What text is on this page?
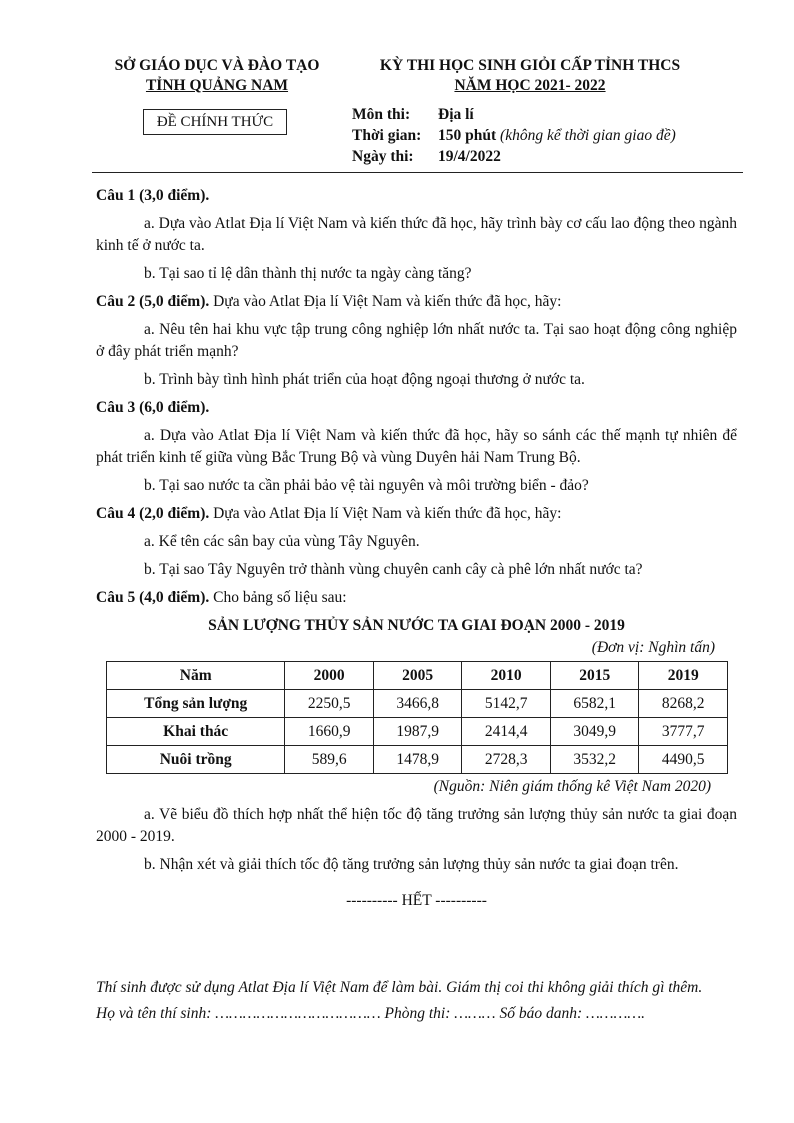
SỞ GIÁO DỤC VÀ ĐÀO TẠO
TỈNH QUẢNG NAM
ĐỀ CHÍNH THỨC
KỲ THI HỌC SINH GIỎI CẤP TỈNH THCS
NĂM HỌC 2021- 2022
Môn thi:	Địa lí
Thời gian:	150 phút (không kể thời gian giao đề)
Ngày thi:	19/4/2022

Câu 1 (3,0 điểm).

a. Dựa vào Atlat Địa lí Việt Nam và kiến thức đã học, hãy trình bày cơ cấu lao động theo ngành kinh tế ở nước ta.

b. Tại sao tỉ lệ dân thành thị nước ta ngày càng tăng?

Câu 2 (5,0 điểm). Dựa vào Atlat Địa lí Việt Nam và kiến thức đã học, hãy:

a. Nêu tên hai khu vực tập trung công nghiệp lớn nhất nước ta. Tại sao hoạt động công nghiệp ở đây phát triển mạnh?

b. Trình bày tình hình phát triển của hoạt động ngoại thương ở nước ta.

Câu 3 (6,0 điểm).

a. Dựa vào Atlat Địa lí Việt Nam và kiến thức đã học, hãy so sánh các thế mạnh tự nhiên để phát triển kinh tế giữa vùng Bắc Trung Bộ và vùng Duyên hải Nam Trung Bộ.

b. Tại sao nước ta cần phải bảo vệ tài nguyên và môi trường biển - đảo?

Câu 4 (2,0 điểm). Dựa vào Atlat Địa lí Việt Nam và kiến thức đã học, hãy:

a. Kể tên các sân bay của vùng Tây Nguyên.

b. Tại sao Tây Nguyên trở thành vùng chuyên canh cây cà phê lớn nhất nước ta?

Câu 5 (4,0 điểm). Cho bảng số liệu sau:

SẢN LƯỢNG THỦY SẢN NƯỚC TA GIAI ĐOẠN 2000 - 2019
(Đơn vị: Nghìn tấn)
Năm	2000	2005	2010	2015	2019
Tổng sản lượng	2250,5	3466,8	5142,7	6582,1	8268,2
Khai thác	1660,9	1987,9	2414,4	3049,9	3777,7
Nuôi trồng	589,6	1478,9	2728,3	3532,2	4490,5
(Nguồn: Niên giám thống kê Việt Nam 2020)

a. Vẽ biểu đồ thích hợp nhất thể hiện tốc độ tăng trưởng sản lượng thủy sản nước ta giai đoạn 2000 - 2019.

b. Nhận xét và giải thích tốc độ tăng trưởng sản lượng thủy sản nước ta giai đoạn trên.

---------- HẾT ----------
Thí sinh được sử dụng Atlat Địa lí Việt Nam để làm bài. Giám thị coi thi không giải thích gì thêm.
Họ và tên thí sinh: ……………………………… Phòng thi: ……… Số báo danh: ………….
